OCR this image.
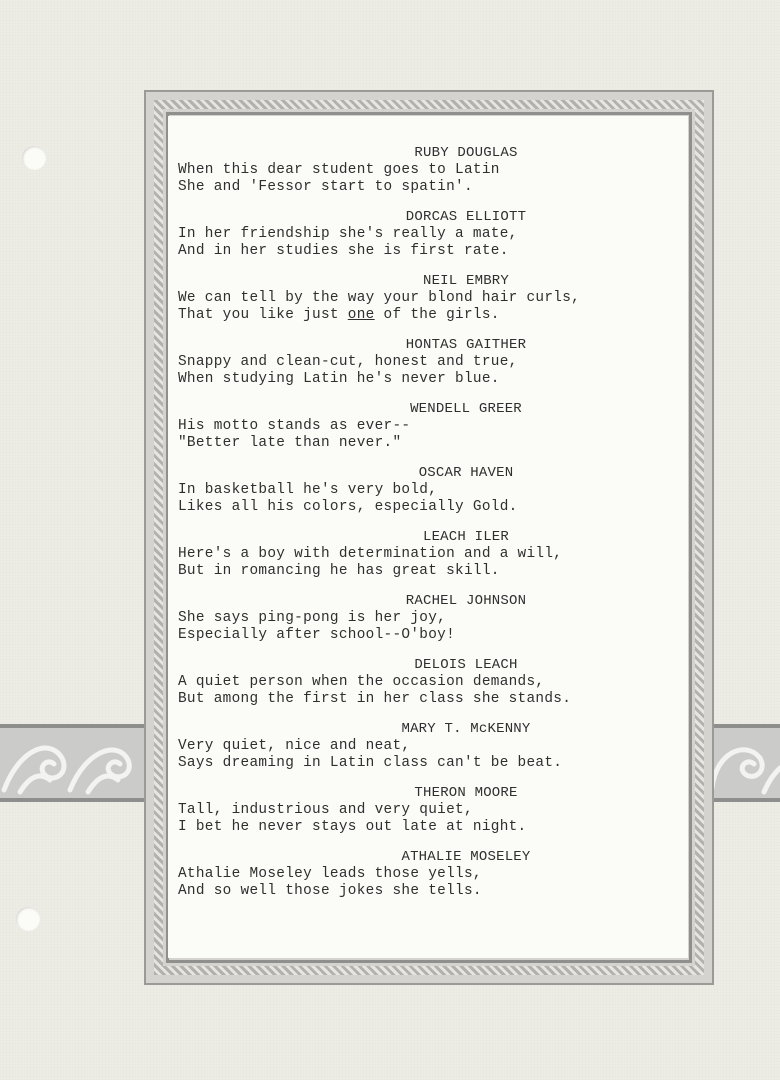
RUBY DOUGLAS
When this dear student goes to Latin
She and 'Fessor start to spatin'.
DORCAS ELLIOTT
In her friendship she's really a mate,
And in her studies she is first rate.
NEIL EMBRY
We can tell by the way your blond hair curls,
That you like just one of the girls.
HONTAS GAITHER
Snappy and clean-cut, honest and true,
When studying Latin he's never blue.
WENDELL GREER
His motto stands as ever--
"Better late than never."
OSCAR HAVEN
In basketball he's very bold,
Likes all his colors, especially Gold.
LEACH ILER
Here's a boy with determination and a will,
But in romancing he has great skill.
RACHEL JOHNSON
She says ping-pong is her joy,
Especially after school--O'boy!
DELOIS LEACH
A quiet person when the occasion demands,
But among the first in her class she stands.
MARY T. McKENNY
Very quiet, nice and neat,
Says dreaming in Latin class can't be beat.
THERON MOORE
Tall, industrious and very quiet,
I bet he never stays out late at night.
ATHALIE MOSELEY
Athalie Moseley leads those yells,
And so well those jokes she tells.
